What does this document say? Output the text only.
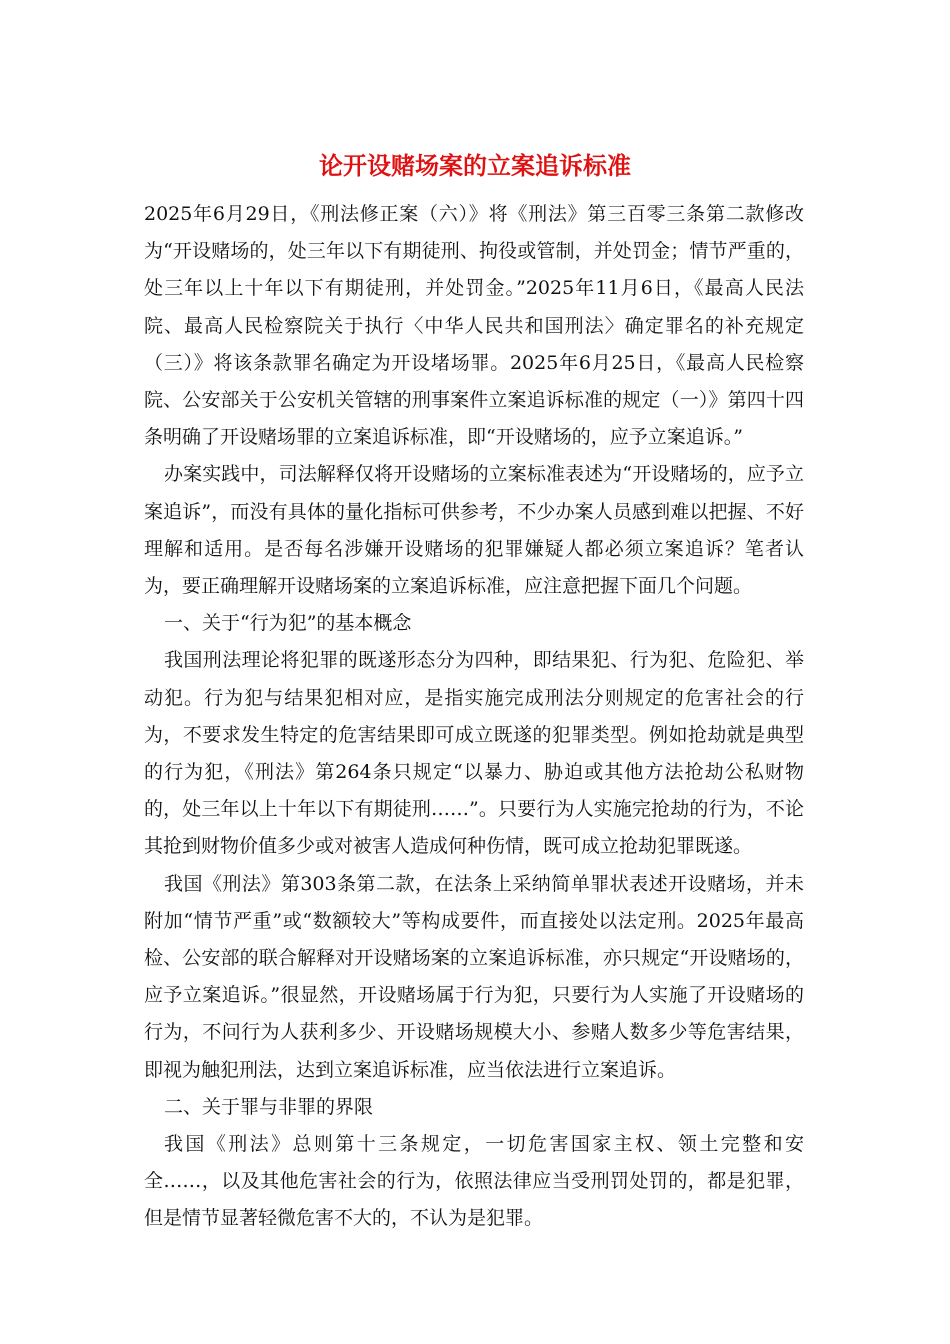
论开设赌场案的立案追诉标准

2025年6月29日，《刑法修正案（六）》将《刑法》第三百零三条第二款修改为“开设赌场的，处三年以下有期徒刑、拘役或管制，并处罚金；情节严重的，处三年以上十年以下有期徒刑，并处罚金。”2025年11月6日，《最高人民法院、最高人民检察院关于执行〈中华人民共和国刑法〉确定罪名的补充规定（三）》将该条款罪名确定为开设堵场罪。2025年6月25日，《最高人民检察院、公安部关于公安机关管辖的刑事案件立案追诉标准的规定（一）》第四十四条明确了开设赌场罪的立案追诉标准，即“开设赌场的，应予立案追诉。”

办案实践中，司法解释仅将开设赌场的立案标准表述为“开设赌场的，应予立案追诉”，而没有具体的量化指标可供参考，不少办案人员感到难以把握、不好理解和适用。是否每名涉嫌开设赌场的犯罪嫌疑人都必须立案追诉？笔者认为，要正确理解开设赌场案的立案追诉标准，应注意把握下面几个问题。

一、关于“行为犯”的基本概念

我国刑法理论将犯罪的既遂形态分为四种，即结果犯、行为犯、危险犯、举动犯。行为犯与结果犯相对应，是指实施完成刑法分则规定的危害社会的行为，不要求发生特定的危害结果即可成立既遂的犯罪类型。例如抢劫就是典型的行为犯，《刑法》第264条只规定“以暴力、胁迫或其他方法抢劫公私财物的，处三年以上十年以下有期徒刑……”。只要行为人实施完抢劫的行为，不论其抢到财物价值多少或对被害人造成何种伤情，既可成立抢劫犯罪既遂。

我国《刑法》第303条第二款，在法条上采纳简单罪状表述开设赌场，并未附加“情节严重”或“数额较大”等构成要件，而直接处以法定刑。2025年最高检、公安部的联合解释对开设赌场案的立案追诉标准，亦只规定“开设赌场的，应予立案追诉。”很显然，开设赌场属于行为犯，只要行为人实施了开设赌场的行为，不问行为人获利多少、开设赌场规模大小、参赌人数多少等危害结果，即视为触犯刑法，达到立案追诉标准，应当依法进行立案追诉。

二、关于罪与非罪的界限

我国《刑法》总则第十三条规定，一切危害国家主权、领土完整和安全……，以及其他危害社会的行为，依照法律应当受刑罚处罚的，都是犯罪，但是情节显著轻微危害不大的，不认为是犯罪。
